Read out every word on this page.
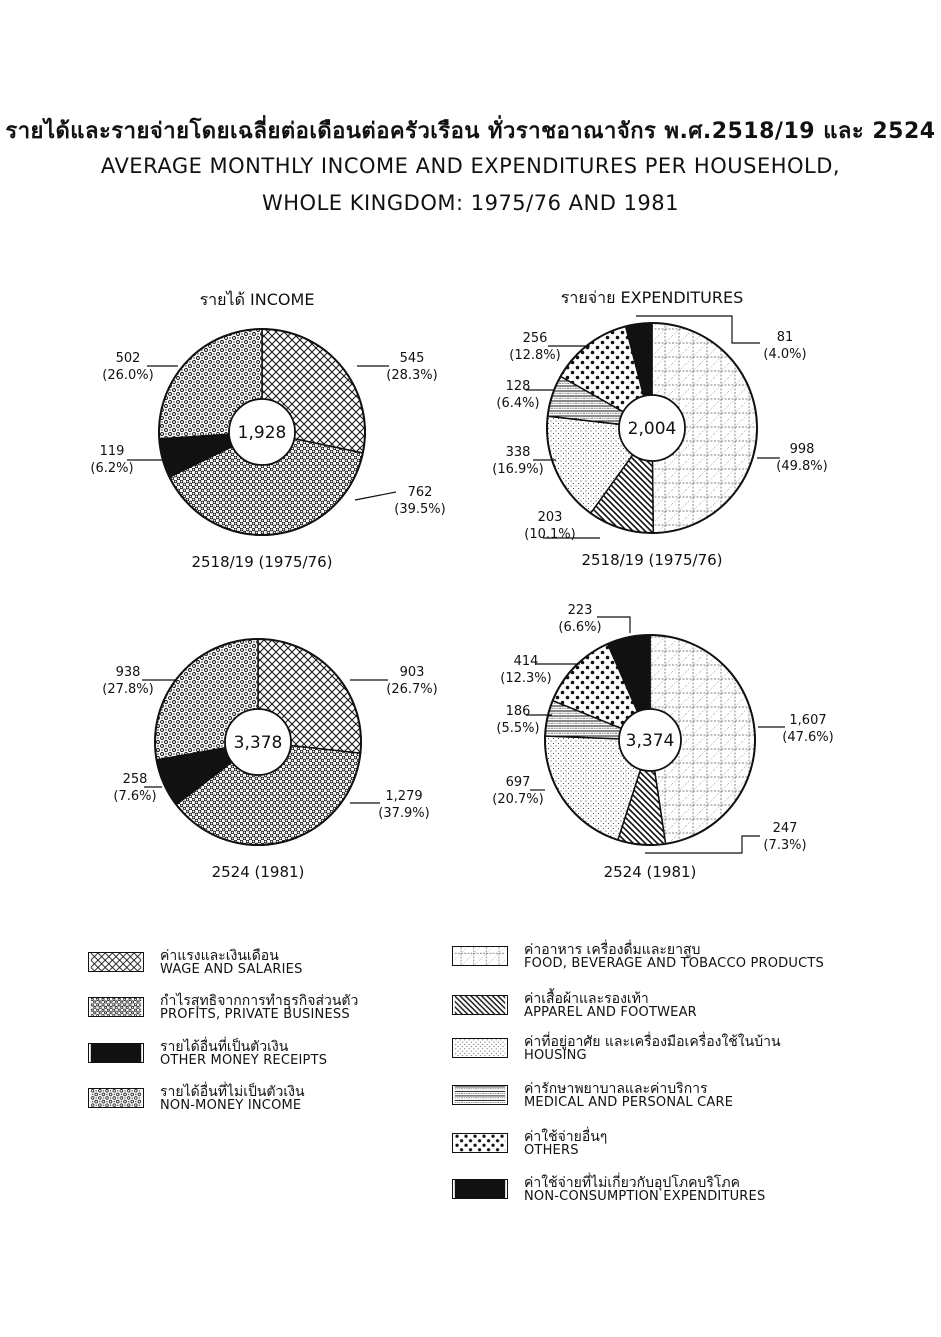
รายได้และรายจ่ายโดยเฉลี่ยต่อเดือนต่อครัวเรือน ทั่วราชอาณาจักร พ.ศ.2518/19 และ 2524
AVERAGE MONTHLY INCOME AND EXPENDITURES PER HOUSEHOLD,
WHOLE KINGDOM: 1975/76 AND 1981
รายได้ INCOME	รายจ่าย EXPENDITURES
1,928
2518/19 (1975/76)
545
(28.3%)
762
(39.5%)
119
(6.2%)
502
(26.0%)
2,004
2518/19 (1975/76)
998
(49.8%)
203
(10.1%)
338
(16.9%)
128
(6.4%)
256
(12.8%)
81
(4.0%)
3,378
2524 (1981)
903
(26.7%)
1,279
(37.9%)
258
(7.6%)
938
(27.8%)
3,374
2524 (1981)
1,607
(47.6%)
247
(7.3%)
697
(20.7%)
186
(5.5%)
414
(12.3%)
223
(6.6%)
ค่าแรงและเงินเดือน
WAGE AND SALARIES
กำไรสุทธิจากการทำธุรกิจส่วนตัว
PROFITS, PRIVATE BUSINESS
รายได้อื่นที่เป็นตัวเงิน
OTHER MONEY RECEIPTS
รายได้อื่นที่ไม่เป็นตัวเงิน
NON-MONEY INCOME
ค่าอาหาร เครื่องดื่มและยาสูบ
FOOD, BEVERAGE AND TOBACCO PRODUCTS
ค่าเสื้อผ้าและรองเท้า
APPAREL AND FOOTWEAR
ค่าที่อยู่อาศัย และเครื่องมือเครื่องใช้ในบ้าน
HOUSING
ค่ารักษาพยาบาลและค่าบริการ
MEDICAL AND PERSONAL CARE
ค่าใช้จ่ายอื่นๆ
OTHERS
ค่าใช้จ่ายที่ไม่เกี่ยวกับอุปโภคบริโภค
NON-CONSUMPTION EXPENDITURES
